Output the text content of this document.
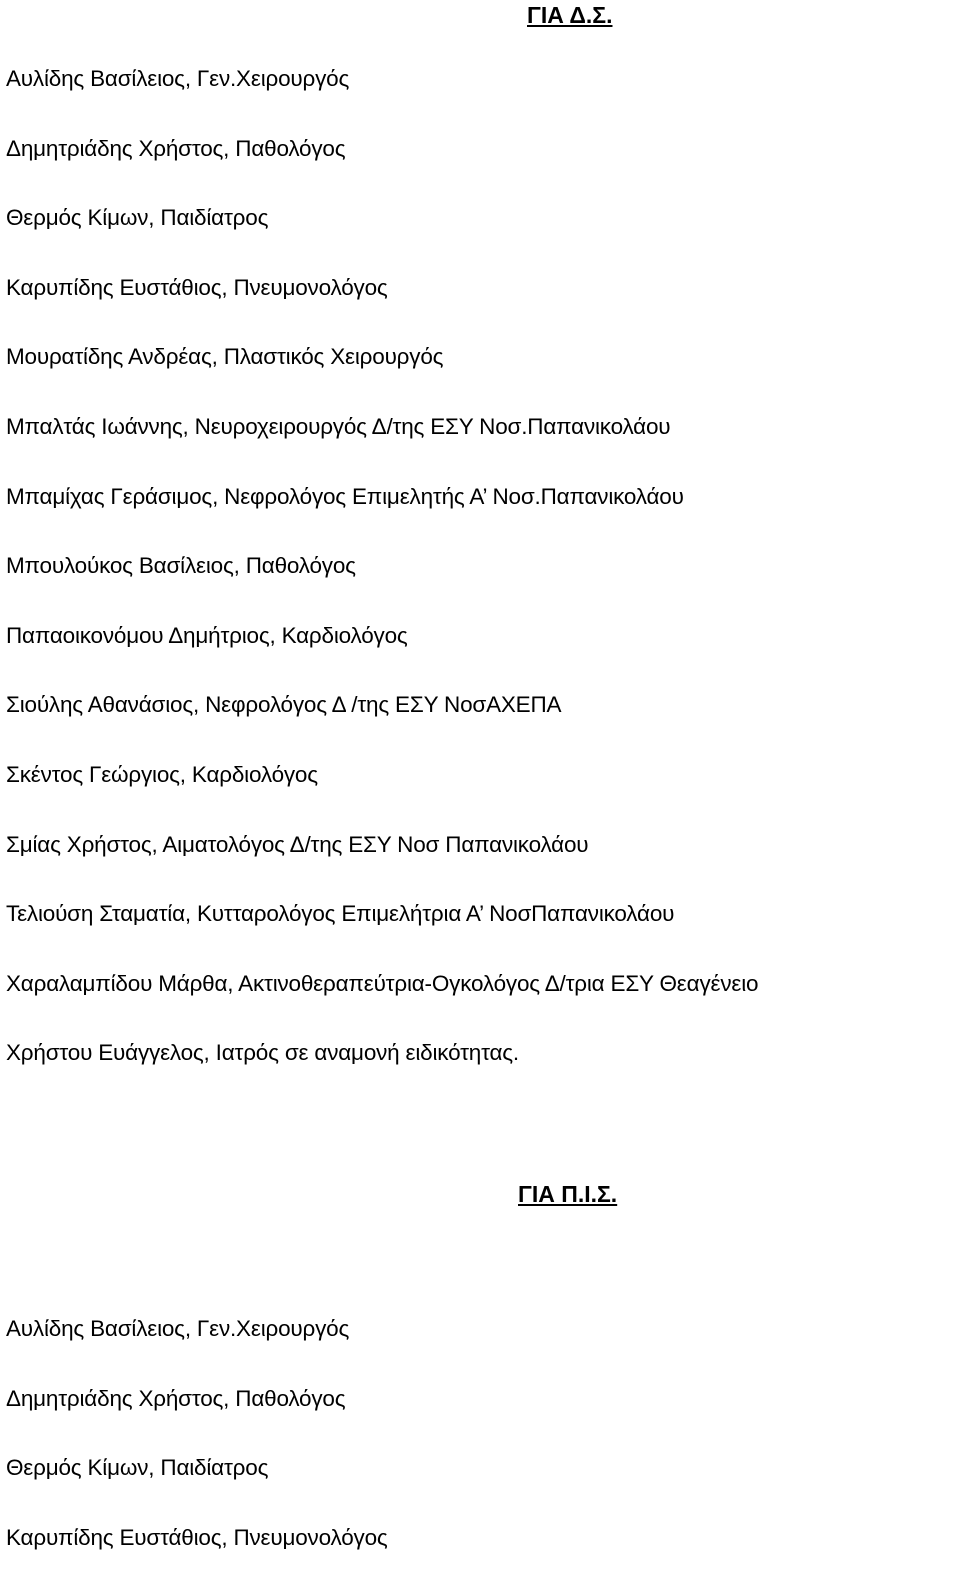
ΓΙΑ Δ.Σ.
Αυλίδης Βασίλειος, Γεν.Χειρουργός
Δημητριάδης Χρήστος, Παθολόγος
Θερμός Κίμων, Παιδίατρος
Καρυπίδης Ευστάθιος, Πνευμονολόγος
Μουρατίδης Ανδρέας, Πλαστικός Χειρουργός
Μπαλτάς Ιωάννης, Νευροχειρουργός Δ/της ΕΣΥ Νοσ.Παπανικολάου
Μπαμίχας Γεράσιμος, Νεφρολόγος Επιμελητής Α’ Νοσ.Παπανικολάου
Μπουλούκος Βασίλειος, Παθολόγος
Παπαοικονόμου Δημήτριος, Καρδιολόγος
Σιούλης Αθανάσιος, Νεφρολόγος Δ /της ΕΣΥ ΝοσΑΧΕΠΑ
Σκέντος Γεώργιος, Καρδιολόγος
Σμίας Χρήστος, Αιματολόγος Δ/της ΕΣΥ Νοσ Παπανικολάου
Τελιούση Σταματία, Κυτταρολόγος Επιμελήτρια Α’ ΝοσΠαπανικολάου
Χαραλαμπίδου Μάρθα, Ακτινοθεραπεύτρια-Ογκολόγος Δ/τρια ΕΣΥ Θεαγένειο
Χρήστου Ευάγγελος, Ιατρός σε αναμονή ειδικότητας.
ΓΙΑ Π.Ι.Σ.
Αυλίδης Βασίλειος, Γεν.Χειρουργός
Δημητριάδης Χρήστος, Παθολόγος
Θερμός Κίμων, Παιδίατρος
Καρυπίδης Ευστάθιος, Πνευμονολόγος
